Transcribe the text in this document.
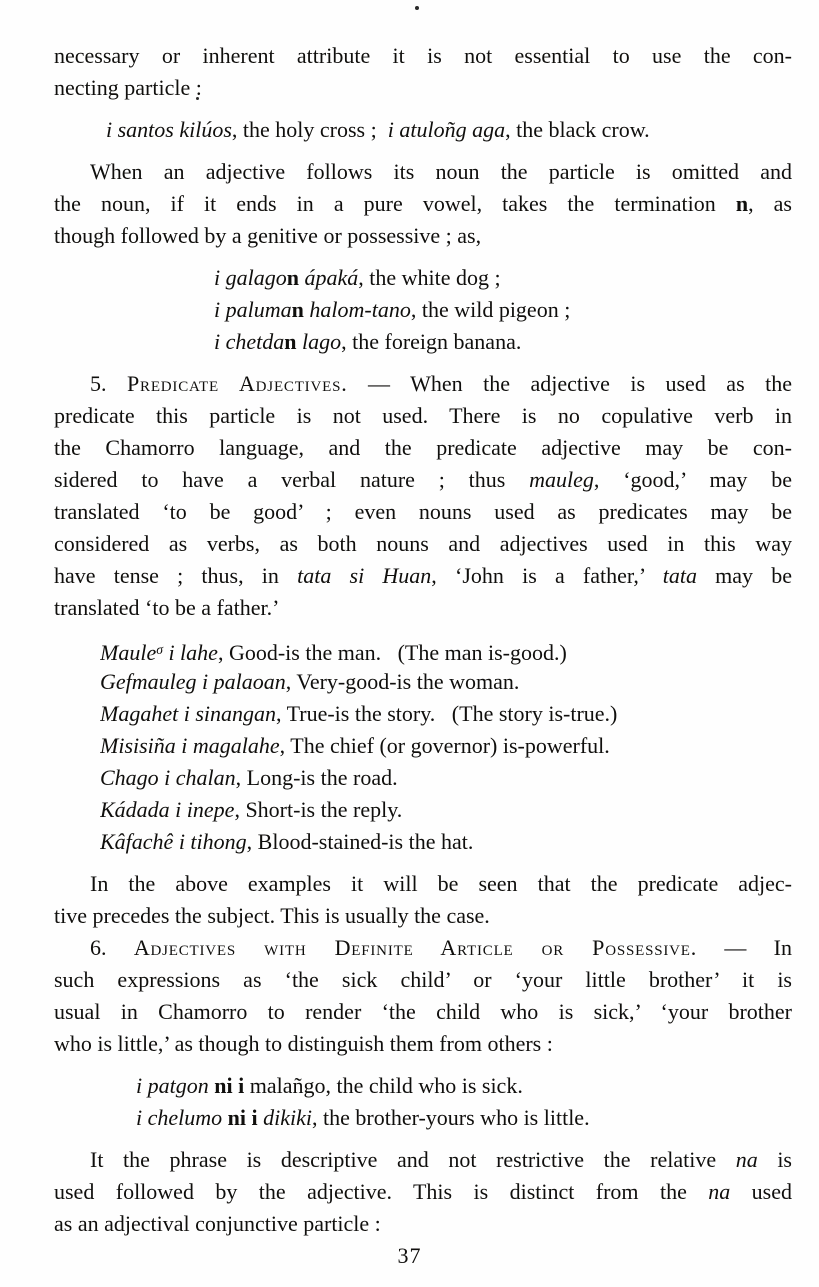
necessary or inherent attribute it is not essential to use the con-
necting particle :
i santos kilúos, the holy cross ;  i atuloñg aga, the black crow.
When an adjective follows its noun the particle is omitted and
the noun, if it ends in a pure vowel, takes the termination n, as
though followed by a genitive or possessive ; as,
i galagon ápaká, the white dog ;
i paluman halom-tano, the wild pigeon ;
i chetdan lago, the foreign banana.
5. Predicate Adjectives. — When the adjective is used as the
predicate this particle is not used. There is no copulative verb in
the Chamorro language, and the predicate adjective may be con-
sidered to have a verbal nature ; thus mauleg, ‘good,’ may be
translated ‘to be good’ ; even nouns used as predicates may be
considered as verbs, as both nouns and adjectives used in this way
have tense ; thus, in tata si Huan, ‘John is a father,’ tata may be
translated ‘to be a father.’
Maule$^\sigma$ i lahe, Good-is the man.   (The man is-good.)
Gefmauleg i palaoan, Very-good-is the woman.
Magahet i sinangan, True-is the story.   (The story is-true.)
Misisiña i magalahe, The chief (or governor) is-powerful.
Chago i chalan, Long-is the road.
Kádada i inepe, Short-is the reply.
Kâfachê i tihong, Blood-stained-is the hat.
In the above examples it will be seen that the predicate adjec-
tive precedes the subject. This is usually the case.
6. Adjectives with Definite Article or Possessive. — In
such expressions as ‘the sick child’ or ‘your little brother’ it is
usual in Chamorro to render ‘the child who is sick,’ ‘your brother
who is little,’ as though to distinguish them from others :
i patgon ni i malañgo, the child who is sick.
i chelumo ni i dikiki, the brother-yours who is little.
It the phrase is descriptive and not restrictive the relative na is
used followed by the adjective. This is distinct from the na used
as an adjectival conjunctive particle :
37
